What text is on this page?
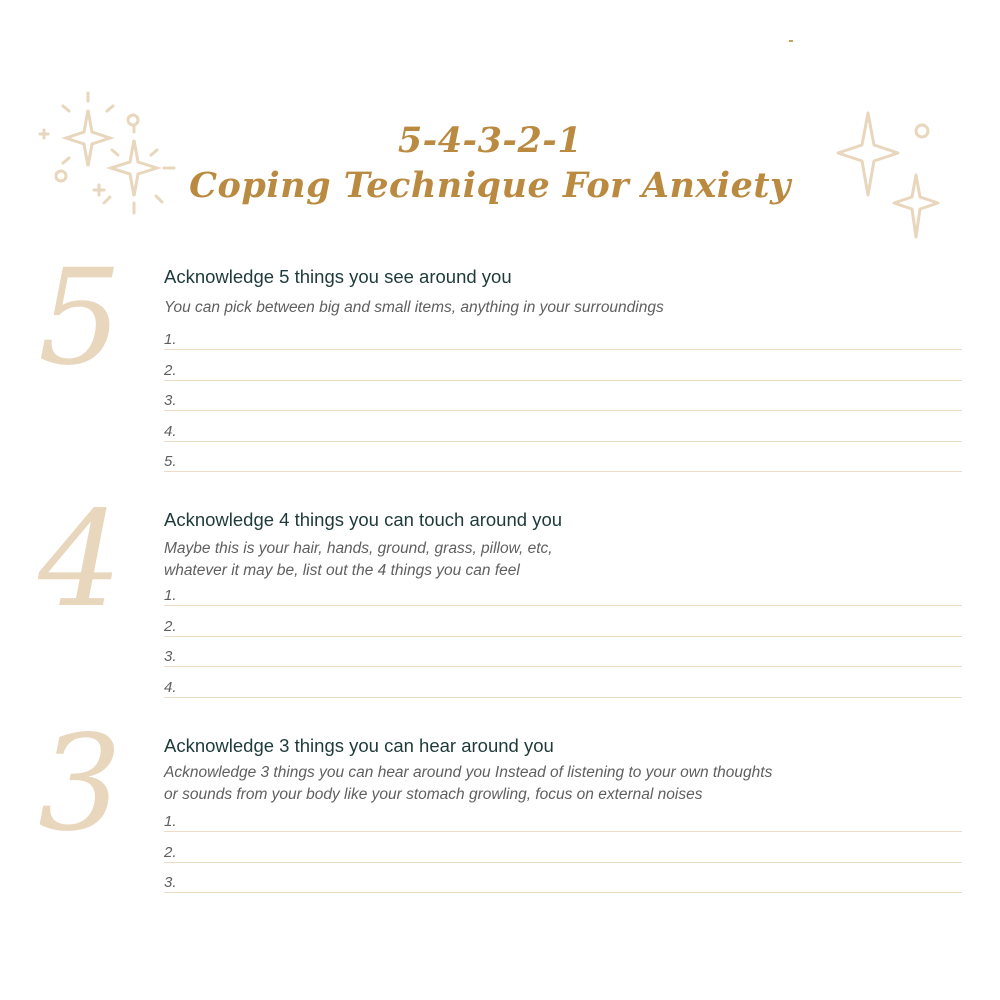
5-4-3-2-1
Coping Technique For Anxiety
5 Acknowledge 5 things you see around you
You can pick between big and small items, anything in your surroundings
1.
2.
3.
4.
5.
4 Acknowledge 4 things you can touch around you
Maybe this is your hair, hands, ground, grass, pillow, etc,
whatever it may be, list out the 4 things you can feel
1.
2.
3.
4.
3 Acknowledge 3 things you can hear around you
Acknowledge 3 things you can hear around you Instead of listening to your own thoughts
or sounds from your body like your stomach growling, focus on external noises
1.
2.
3.
